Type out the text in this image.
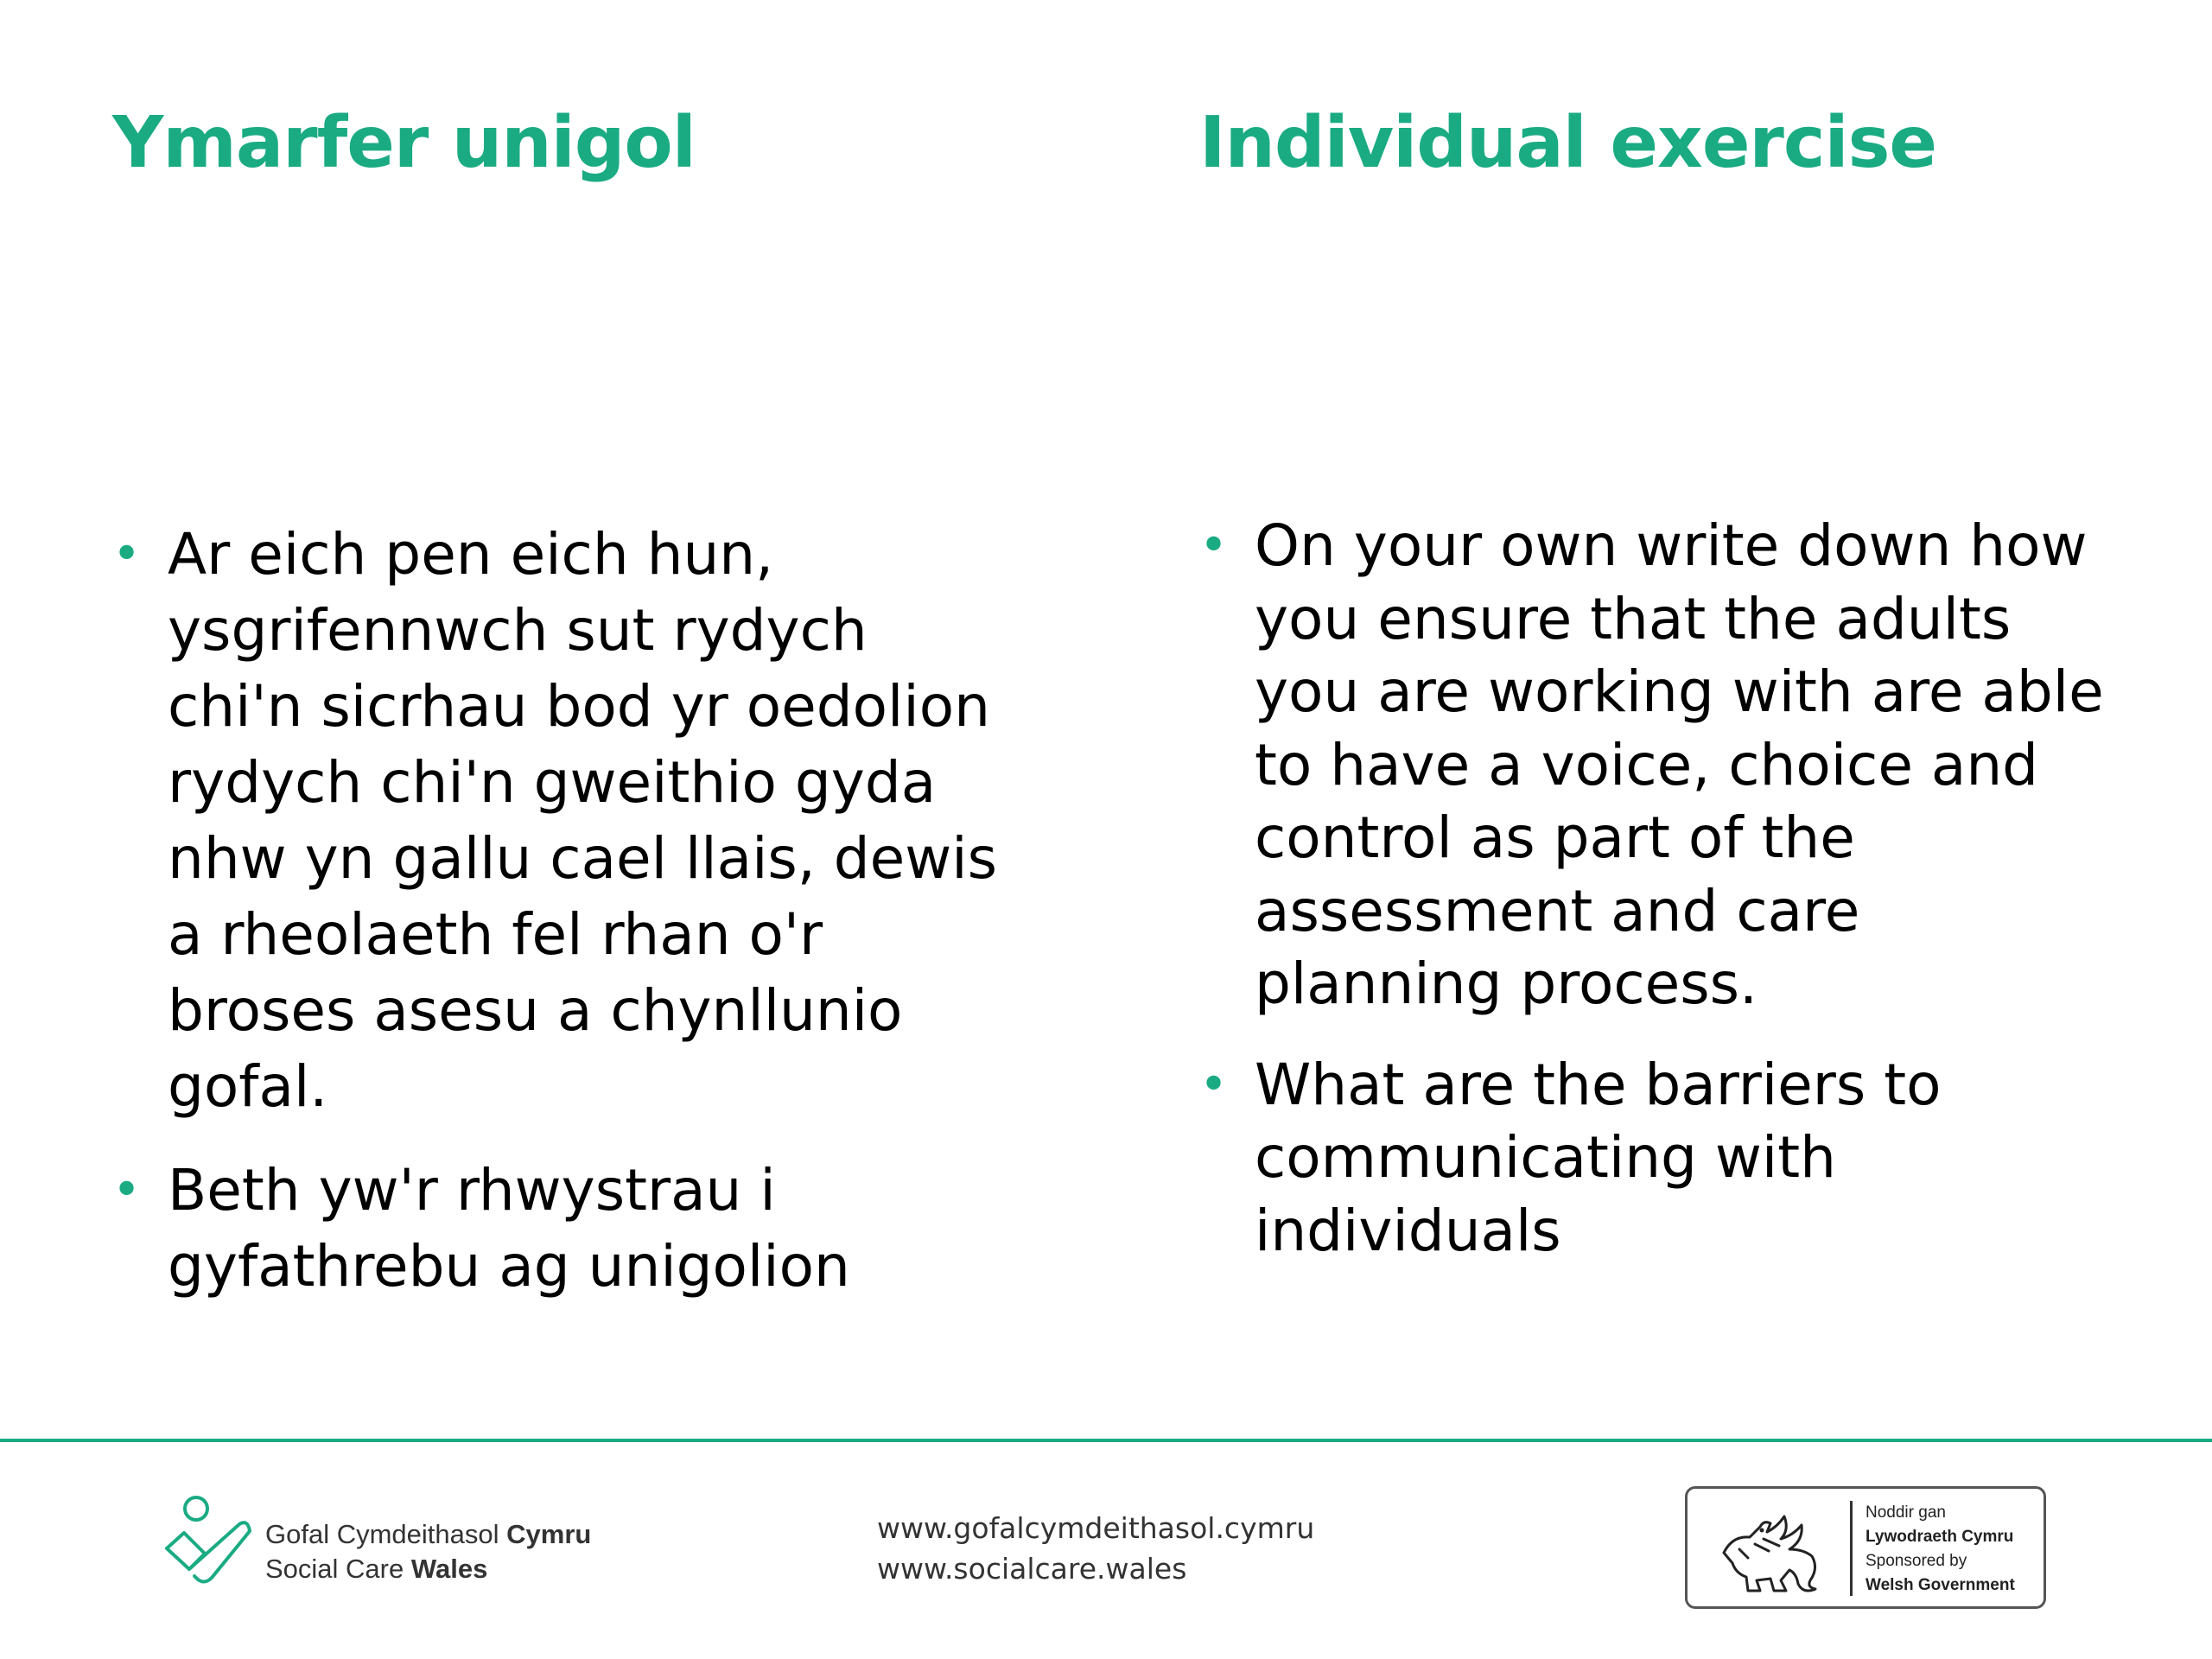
Ymarfer unigol	Individual exercise
• Ar eich pen eich hun, ysgrifennwch sut rydych chi'n sicrhau bod yr oedolion rydych chi'n gweithio gyda nhw yn gallu cael llais, dewis a rheolaeth fel rhan o'r broses asesu a chynllunio gofal.
• Beth yw'r rhwystrau i gyfathrebu ag unigolion
• On your own write down how you ensure that the adults you are working with are able to have a voice, choice and control as part of the assessment and care planning process.
• What are the barriers to communicating with individuals
Gofal Cymdeithasol Cymru
Social Care Wales
www.gofalcymdeithasol.cymru
www.socialcare.wales
Noddir gan
Lywodraeth Cymru
Sponsored by
Welsh Government
